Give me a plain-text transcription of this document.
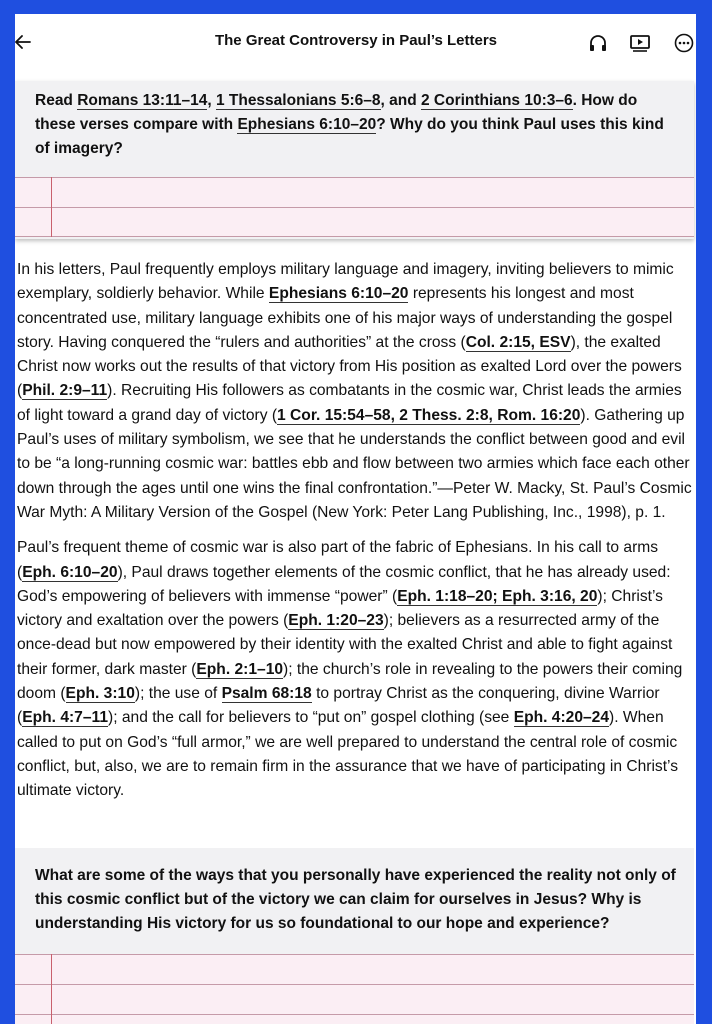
The Great Controversy in Paul’s Letters
Read Romans 13:11–14, 1 Thessalonians 5:6–8, and 2 Corinthians 10:3–6. How do these verses compare with Ephesians 6:10–20? Why do you think Paul uses this kind of imagery?

In his letters, Paul frequently employs military language and imagery, inviting believers to mimic exemplary, soldierly behavior. While Ephesians 6:10–20 represents his longest and most concentrated use, military language exhibits one of his major ways of understanding the gospel story. Having conquered the “rulers and authorities” at the cross (Col. 2:15, ESV), the exalted Christ now works out the results of that victory from His position as exalted Lord over the powers (Phil. 2:9–11). Recruiting His followers as combatants in the cosmic war, Christ leads the armies of light toward a grand day of victory (1 Cor. 15:54–58, 2 Thess. 2:8, Rom. 16:20). Gathering up Paul’s uses of military symbolism, we see that he understands the conflict between good and evil to be “a long-running cosmic war: battles ebb and flow between two armies which face each other down through the ages until one wins the final confrontation.”—Peter W. Macky, St. Paul’s Cosmic War Myth: A Military Version of the Gospel (New York: Peter Lang Publishing, Inc., 1998), p. 1.

Paul’s frequent theme of cosmic war is also part of the fabric of Ephesians. In his call to arms (Eph. 6:10–20), Paul draws together elements of the cosmic conflict, that he has already used: God’s empowering of believers with immense “power” (Eph. 1:18–20; Eph. 3:16, 20); Christ’s victory and exaltation over the powers (Eph. 1:20–23); believers as a resurrected army of the once-dead but now empowered by their identity with the exalted Christ and able to fight against their former, dark master (Eph. 2:1–10); the church’s role in revealing to the powers their coming doom (Eph. 3:10); the use of Psalm 68:18 to portray Christ as the conquering, divine Warrior (Eph. 4:7–11); and the call for believers to “put on” gospel clothing (see Eph. 4:20–24). When called to put on God’s “full armor,” we are well prepared to understand the central role of cosmic conflict, but, also, we are to remain firm in the assurance that we have of participating in Christ’s ultimate victory.

What are some of the ways that you personally have experienced the reality not only of this cosmic conflict but of the victory we can claim for ourselves in Jesus? Why is understanding His victory for us so foundational to our hope and experience?
